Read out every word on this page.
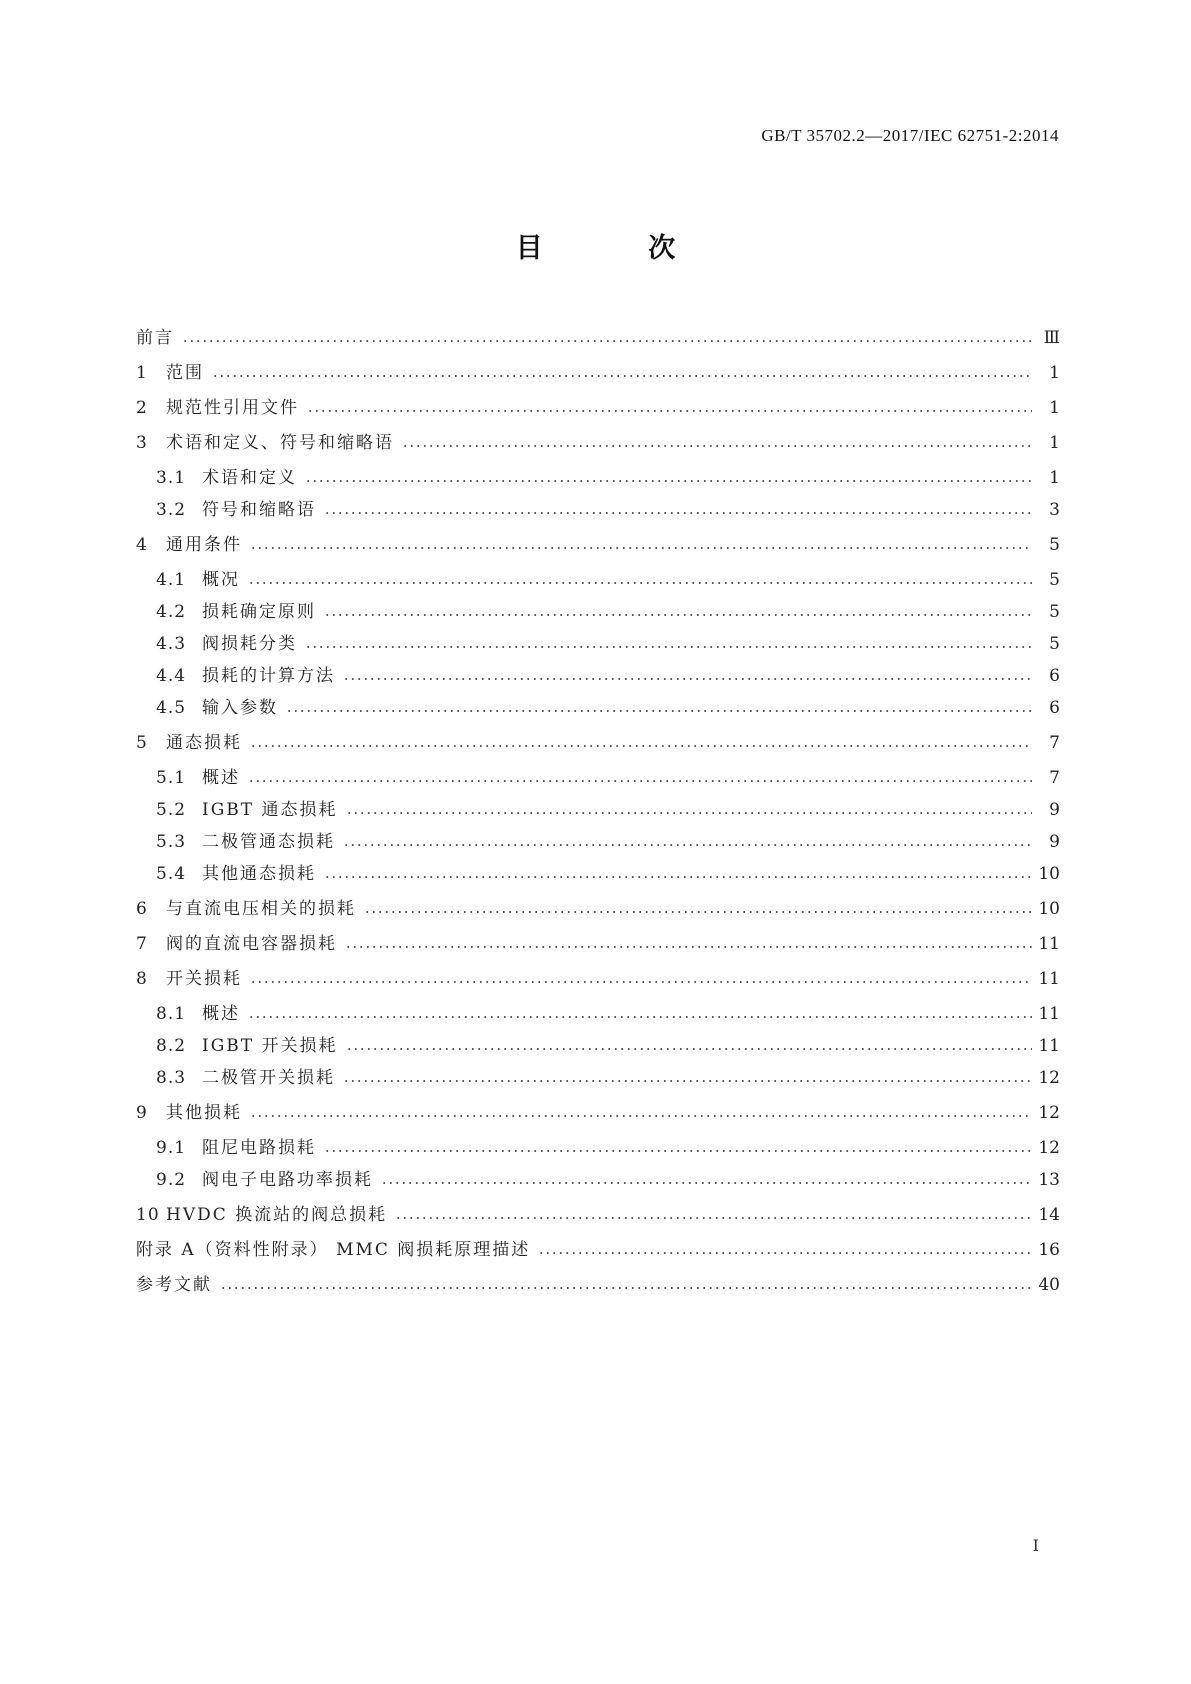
GB/T 35702.2—2017/IEC 62751-2:2014
目 次
前言	Ⅲ
1	范围	1
2	规范性引用文件	1
3	术语和定义、符号和缩略语	1
3.1 术语和定义	1
3.2 符号和缩略语	3
4	通用条件	5
4.1 概况	5
4.2 损耗确定原则	5
4.3 阀损耗分类	5
4.4 损耗的计算方法	6
4.5 输入参数	6
5	通态损耗	7
5.1 概述	7
5.2 IGBT 通态损耗	9
5.3 二极管通态损耗	9
5.4 其他通态损耗	10
6	与直流电压相关的损耗	10
7	阀的直流电容器损耗	11
8	开关损耗	11
8.1 概述	11
8.2 IGBT 开关损耗	11
8.3 二极管开关损耗	12
9	其他损耗	12
9.1 阻尼电路损耗	12
9.2 阀电子电路功率损耗	13
10 HVDC 换流站的阀总损耗	14
附录 A（资料性附录） MMC 阀损耗原理描述	16
参考文献	40
I
